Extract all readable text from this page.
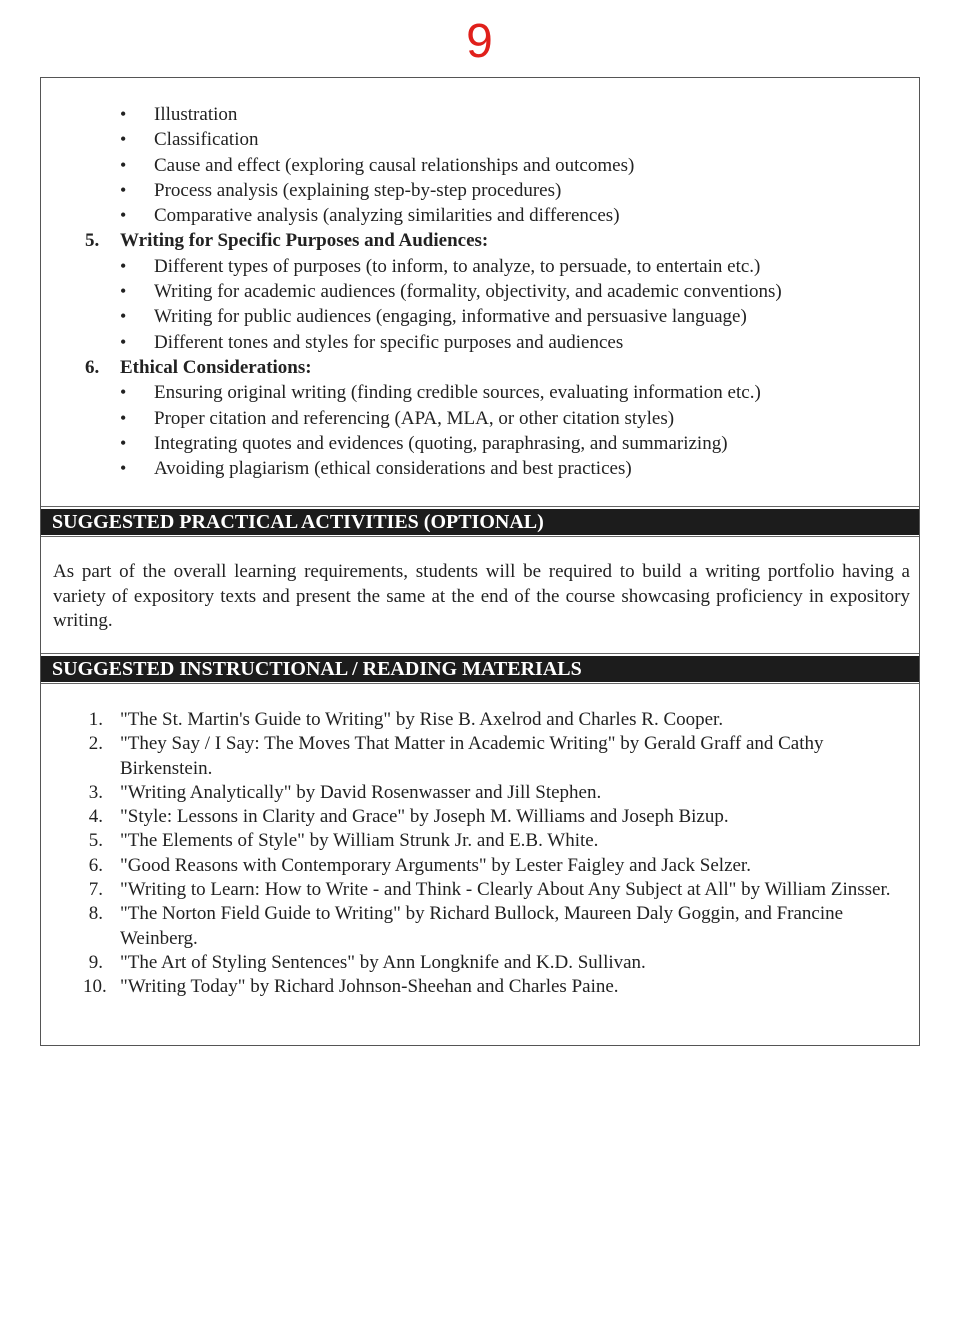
9
• Illustration
• Classification
• Cause and effect (exploring causal relationships and outcomes)
• Process analysis (explaining step-by-step procedures)
• Comparative analysis (analyzing similarities and differences)
5. Writing for Specific Purposes and Audiences:
• Different types of purposes (to inform, to analyze, to persuade, to entertain etc.)
• Writing for academic audiences (formality, objectivity, and academic conventions)
• Writing for public audiences (engaging, informative and persuasive language)
• Different tones and styles for specific purposes and audiences
6. Ethical Considerations:
• Ensuring original writing (finding credible sources, evaluating information etc.)
• Proper citation and referencing (APA, MLA, or other citation styles)
• Integrating quotes and evidences (quoting, paraphrasing, and summarizing)
• Avoiding plagiarism (ethical considerations and best practices)
SUGGESTED PRACTICAL ACTIVITIES (OPTIONAL)

As part of the overall learning requirements, students will be required to build a writing portfolio having a variety of expository texts and present the same at the end of the course showcasing proficiency in expository writing.

SUGGESTED INSTRUCTIONAL / READING MATERIALS
1. "The St. Martin's Guide to Writing" by Rise B. Axelrod and Charles R. Cooper.
2. "They Say / I Say: The Moves That Matter in Academic Writing" by Gerald Graff and Cathy Birkenstein.
3. "Writing Analytically" by David Rosenwasser and Jill Stephen.
4. "Style: Lessons in Clarity and Grace" by Joseph M. Williams and Joseph Bizup.
5. "The Elements of Style" by William Strunk Jr. and E.B. White.
6. "Good Reasons with Contemporary Arguments" by Lester Faigley and Jack Selzer.
7. "Writing to Learn: How to Write - and Think - Clearly About Any Subject at All" by William Zinsser.
8. "The Norton Field Guide to Writing" by Richard Bullock, Maureen Daly Goggin, and Francine Weinberg.
9. "The Art of Styling Sentences" by Ann Longknife and K.D. Sullivan.
10. "Writing Today" by Richard Johnson-Sheehan and Charles Paine.
